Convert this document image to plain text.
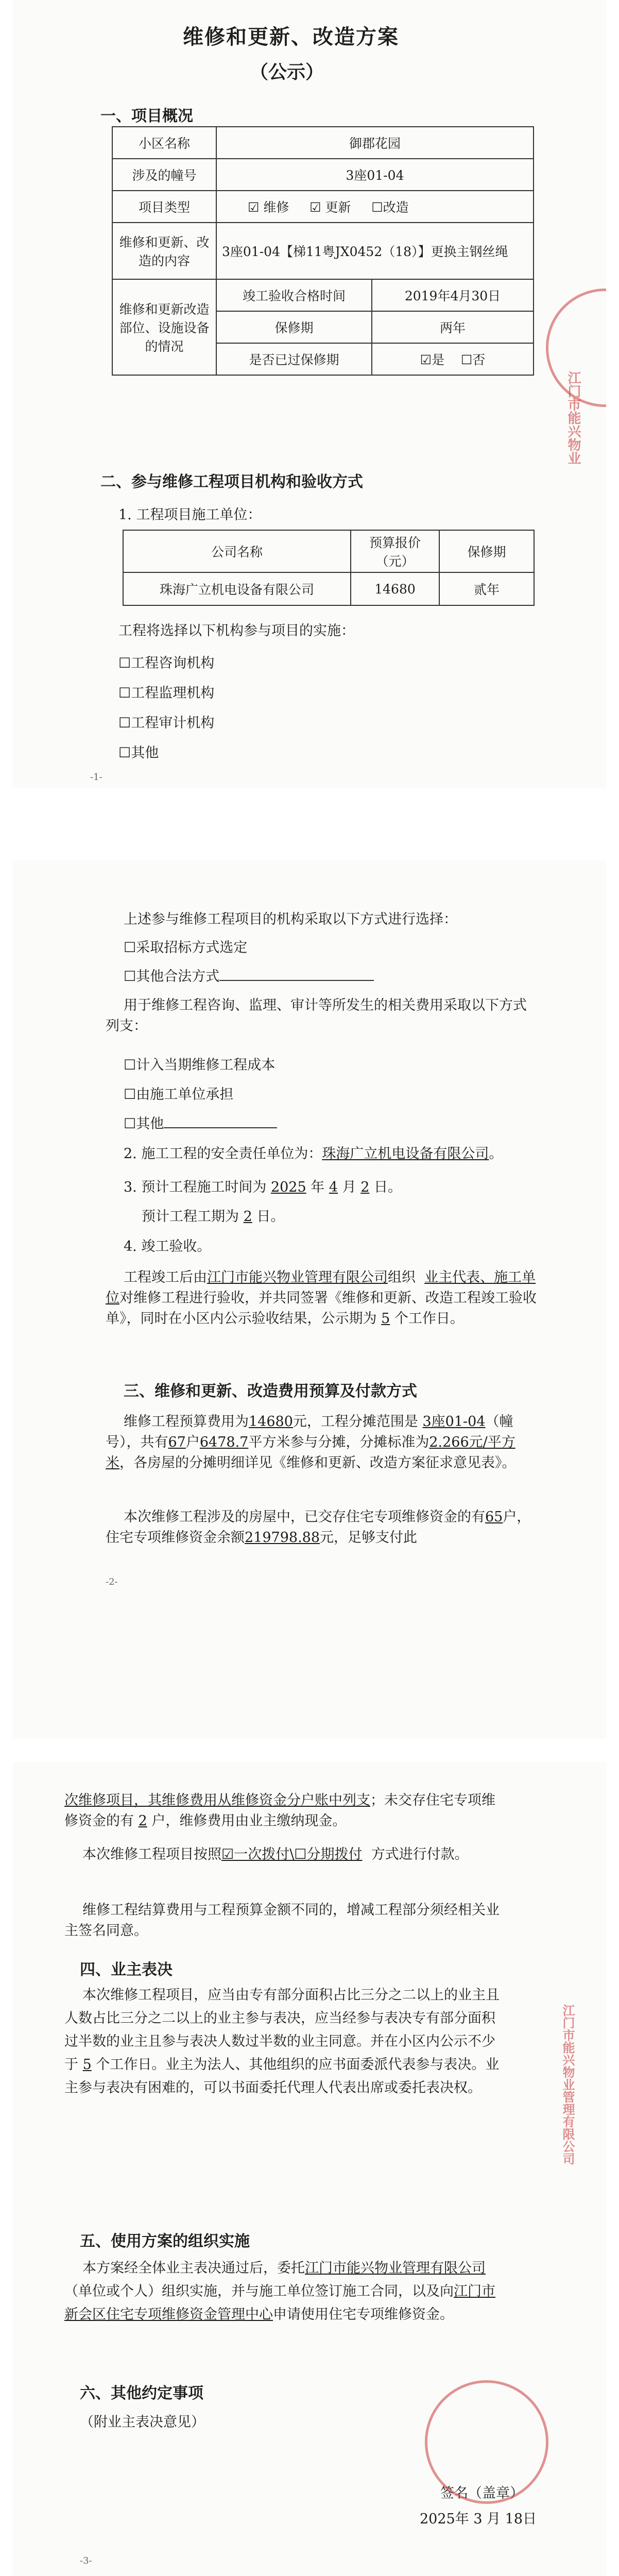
维修和更新、改造方案
（公示）
一、项目概况
小区名称	御郡花园	
涉及的幢号	3座01-04	
项目类型	☑ 维修 ☑ 更新 ☐改造	
维修和更新、改造的内容	3座01-04【梯11粤JX0452（18）】更换主钢丝绳	
维修和更新改造部位、设施设备的情况	竣工验收合格时间	2019年4月30日
	保修期	两年
	是否已过保修期	☑是 ☐否
二、参与维修工程项目机构和验收方式
1. 工程项目施工单位：
公司名称	预算报价（元）	保修期
珠海广立机电设备有限公司	14680	贰年
工程将选择以下机构参与项目的实施：
☐工程咨询机构
☐工程监理机构
☐工程审计机构
☐其他
-1-
江门市能兴物业
上述参与维修工程项目的机构采取以下方式进行选择：
☐采取招标方式选定
☐其他合法方式
用于维修工程咨询、监理、审计等所发生的相关费用采取以下方式列支：
☐计入当期维修工程成本
☐由施工单位承担
☐其他
2. 施工工程的安全责任单位为：珠海广立机电设备有限公司。
3. 预计工程施工时间为 2025 年 4 月 2 日。
预计工程工期为 2 日。
4. 竣工验收。
工程竣工后由江门市能兴物业管理有限公司组织 业主代表、施工单位对维修工程进行验收，并共同签署《维修和更新、改造工程竣工验收单》，同时在小区内公示验收结果，公示期为 5 个工作日。
三、维修和更新、改造费用预算及付款方式
维修工程预算费用为14680元，工程分摊范围是 3座01-04（幢号），共有67户6478.7平方米参与分摊，分摊标准为2.266元/平方米，各房屋的分摊明细详见《维修和更新、改造方案征求意见表》。
本次维修工程涉及的房屋中，已交存住宅专项维修资金的有65户，住宅专项维修资金余额219798.88元，足够支付此
-2-
次维修项目，其维修费用从维修资金分户账中列支；未交存住宅专项维修资金的有 2 户，维修费用由业主缴纳现金。
本次维修工程项目按照☑一次拨付\☐分期拨付 方式进行付款。
维修工程结算费用与工程预算金额不同的，增减工程部分须经相关业主签名同意。
四、业主表决
本次维修工程项目，应当由专有部分面积占比三分之二以上的业主且人数占比三分之二以上的业主参与表决，应当经参与表决专有部分面积过半数的业主且参与表决人数过半数的业主同意。并在小区内公示不少于 5 个工作日。业主为法人、其他组织的应书面委派代表参与表决。业主参与表决有困难的，可以书面委托代理人代表出席或委托表决权。
五、使用方案的组织实施
本方案经全体业主表决通过后，委托江门市能兴物业管理有限公司（单位或个人）组织实施，并与施工单位签订施工合同，以及向江门市新会区住宅专项维修资金管理中心申请使用住宅专项维修资金。
六、其他约定事项
（附业主表决意见）
签名（盖章）
2025年 3 月 18日
-3-
江门市能兴物业管理有限公司
